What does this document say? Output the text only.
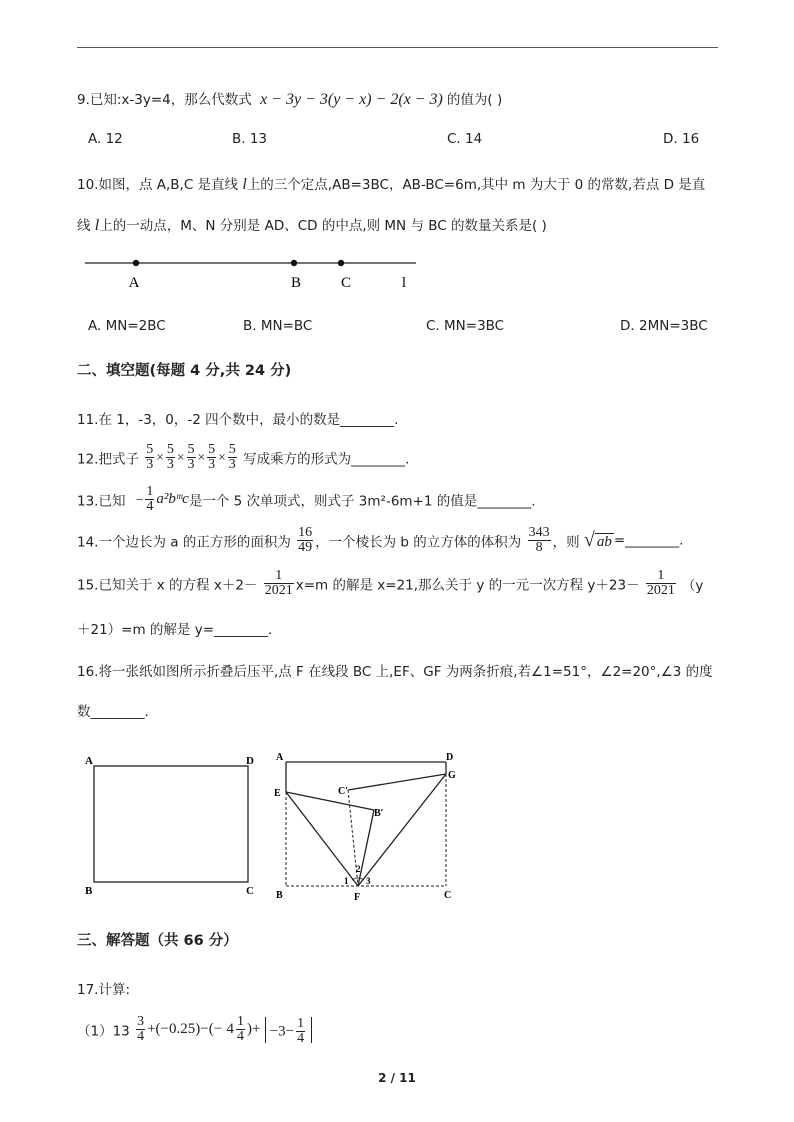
9.已知:x-3y=4，那么代数式 x − 3y − 3(y − x) − 2(x − 3) 的值为( )
A. 12	B. 13	C. 14	D. 16
10.如图，点 A,B,C 是直线 l上的三个定点,AB=3BC，AB-BC=6m,其中 m 为大于 0 的常数,若点 D 是直
线 l上的一动点，M、N 分别是 AD、CD 的中点,则 MN 与 BC 的数量关系是( )
A	B	C	l
A. MN=2BC	B. MN=BC	C. MN=3BC	D. 2MN=3BC
二、填空题(每题 4 分,共 24 分)
11.在 1，-3，0，-2 四个数中，最小的数是________.
12.把式子 $\frac{5}{3} \times \frac{5}{3} \times \frac{5}{3} \times \frac{5}{3} \times \frac{5}{3}$ 写成乘方的形式为________.
13.已知 − $\frac{1}{4}$ a²bᵐc是一个 5 次单项式，则式子 3m²-6m+1 的值是________.
14.一个边长为 a 的正方形的面积为 $\frac{16}{49}$ ，一个棱长为 b 的立方体的体积为 $\frac{343}{8}$ ，则 √ ab =________.
15.已知关于 x 的方程 $x+2- \frac{1}{2021} x=m$ 的解是 x=21,那么关于 y 的一元一次方程 $y+23- \frac{1}{2021} (y$
＋21）=m 的解是 y=________.
16.将一张纸如图所示折叠后压平,点 F 在线段 BC 上,EF、GF 为两条折痕,若∠1=51°，∠2=20°,∠3 的度
数________.
A	D
B	C
A	D
G
E	C′
B′
B	F	C
1
2
3
三、解答题（共 66 分）
17.计算:
$(1)13 \frac{3}{4} +(-0.25)-(- 4 \frac{1}{4}$ )+ $-3- \frac{1}{4}$
2 / 11
